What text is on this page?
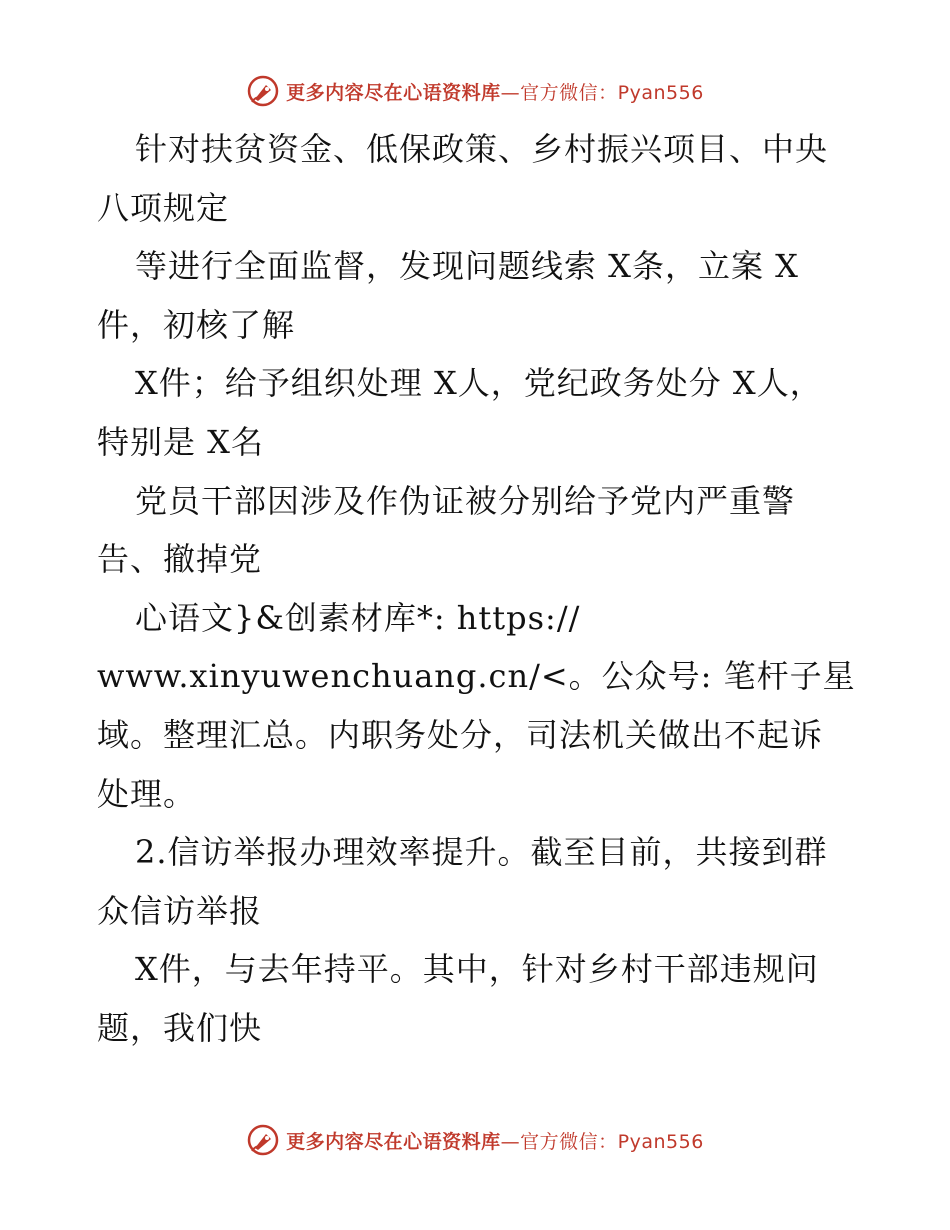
更多内容尽在心语资料库—官方微信：Pyan556
针对扶贫资金、低保政策、乡村振兴项目、中央
八项规定
等进行全面监督，发现问题线索 X条，立案 X
件，初核了解
X件；给予组织处理 X人，党纪政务处分 X人，
特别是 X名
党员干部因涉及作伪证被分别给予党内严重警
告、撤掉党
心语文}&创素材库*: https://
www.xinyuwenchuang.cn/<。公众号: 笔杆子星
域。整理汇总。内职务处分，司法机关做出不起诉
处理。
2.信访举报办理效率提升。截至目前，共接到群
众信访举报
X件，与去年持平。其中，针对乡村干部违规问
题，我们快
更多内容尽在心语资料库—官方微信：Pyan556
